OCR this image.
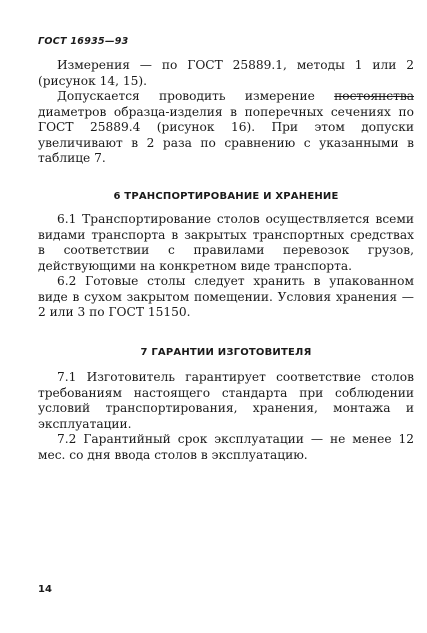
ГОСТ 16935—93

Измерения — по ГОСТ 25889.1, методы 1 или 2 (рисунок 14, 15).

Допускается проводить измерение постоянства диаметров образца-изделия в поперечных сечениях по ГОСТ 25889.4 (рисунок 16). При этом допуски увеличивают в 2 раза по сравнению с указанными в таблице 7.

6 ТРАНСПОРТИРОВАНИЕ И ХРАНЕНИЕ

6.1 Транспортирование столов осуществляется всеми видами транспорта в закрытых транспортных средствах в соответствии с правилами перевозок грузов, действующими на конкретном виде транспорта.

6.2 Готовые столы следует хранить в упакованном виде в сухом закрытом помещении. Условия хранения — 2 или 3 по ГОСТ 15150.

7 ГАРАНТИИ ИЗГОТОВИТЕЛЯ

7.1 Изготовитель гарантирует соответствие столов требованиям настоящего стандарта при соблюдении условий транспортирования, хранения, монтажа и эксплуатации.

7.2 Гарантийный срок эксплуатации — не менее 12 мес. со дня ввода столов в эксплуатацию.

14
